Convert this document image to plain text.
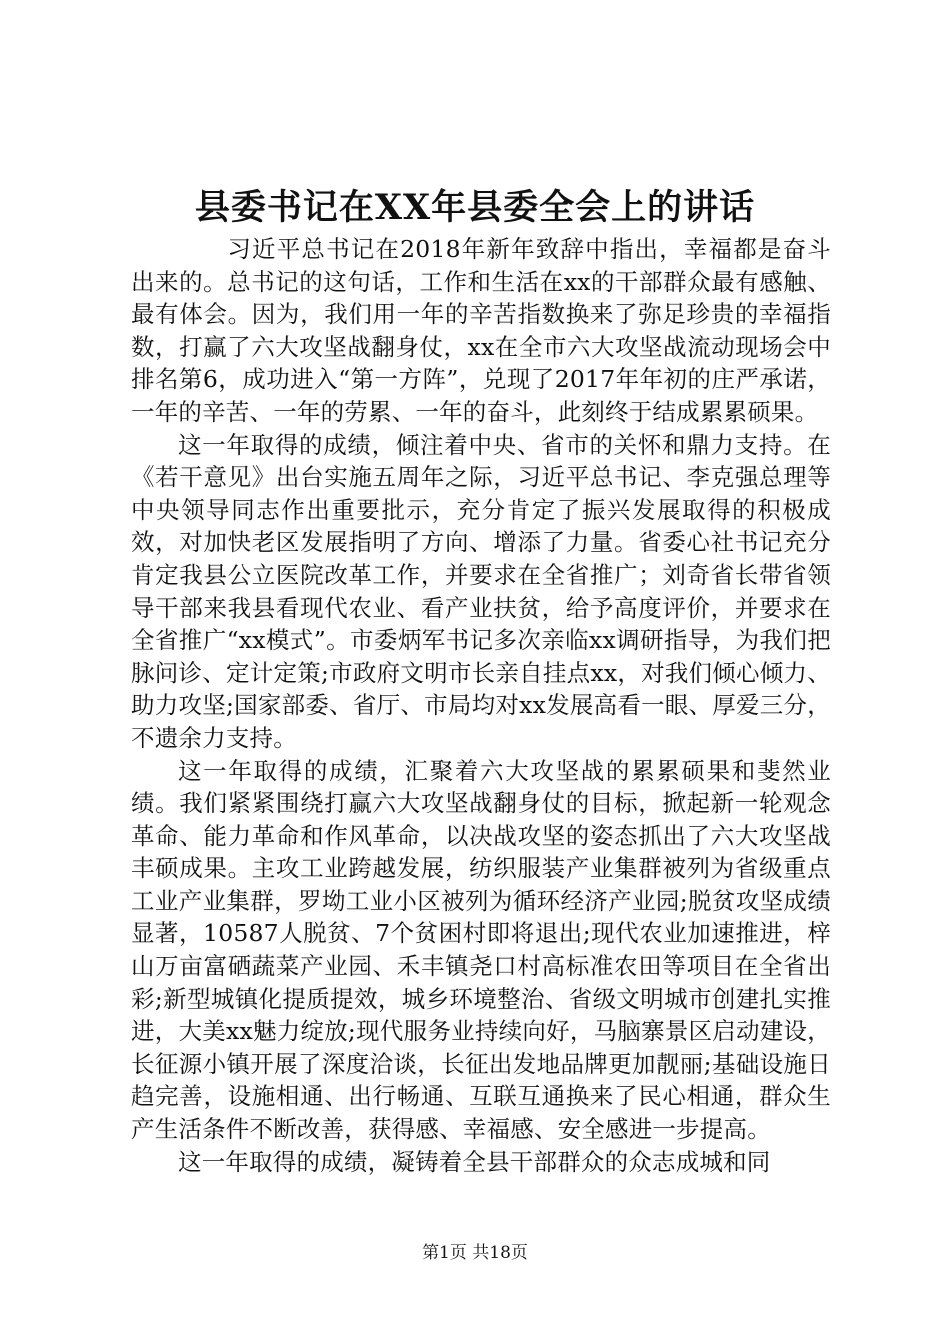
县委书记在XX年县委全会上的讲话

习近平总书记在2018年新年致辞中指出，幸福都是奋斗出来的。总书记的这句话，工作和生活在xx的干部群众最有感触、最有体会。因为，我们用一年的辛苦指数换来了弥足珍贵的幸福指数，打赢了六大攻坚战翻身仗，xx在全市六大攻坚战流动现场会中排名第6，成功进入“第一方阵”，兑现了2017年年初的庄严承诺，一年的辛苦、一年的劳累、一年的奋斗，此刻终于结成累累硕果。

这一年取得的成绩，倾注着中央、省市的关怀和鼎力支持。在《若干意见》出台实施五周年之际，习近平总书记、李克强总理等中央领导同志作出重要批示，充分肯定了振兴发展取得的积极成效，对加快老区发展指明了方向、增添了力量。省委心社书记充分肯定我县公立医院改革工作，并要求在全省推广；刘奇省长带省领导干部来我县看现代农业、看产业扶贫，给予高度评价，并要求在全省推广“xx模式”。市委炳军书记多次亲临xx调研指导，为我们把脉问诊、定计定策;市政府文明市长亲自挂点xx，对我们倾心倾力、助力攻坚;国家部委、省厅、市局均对xx发展高看一眼、厚爱三分，不遗余力支持。

这一年取得的成绩，汇聚着六大攻坚战的累累硕果和斐然业绩。我们紧紧围绕打赢六大攻坚战翻身仗的目标，掀起新一轮观念革命、能力革命和作风革命，以决战攻坚的姿态抓出了六大攻坚战丰硕成果。主攻工业跨越发展，纺织服装产业集群被列为省级重点工业产业集群，罗坳工业小区被列为循环经济产业园;脱贫攻坚成绩显著，10587人脱贫、7个贫困村即将退出;现代农业加速推进，梓山万亩富硒蔬菜产业园、禾丰镇尧口村高标准农田等项目在全省出彩;新型城镇化提质提效，城乡环境整治、省级文明城市创建扎实推进，大美xx魅力绽放;现代服务业持续向好，马脑寨景区启动建设，长征源小镇开展了深度洽谈，长征出发地品牌更加靓丽;基础设施日趋完善，设施相通、出行畅通、互联互通换来了民心相通，群众生产生活条件不断改善，获得感、幸福感、安全感进一步提高。

这一年取得的成绩，凝铸着全县干部群众的众志成城和同

第1页 共18页
